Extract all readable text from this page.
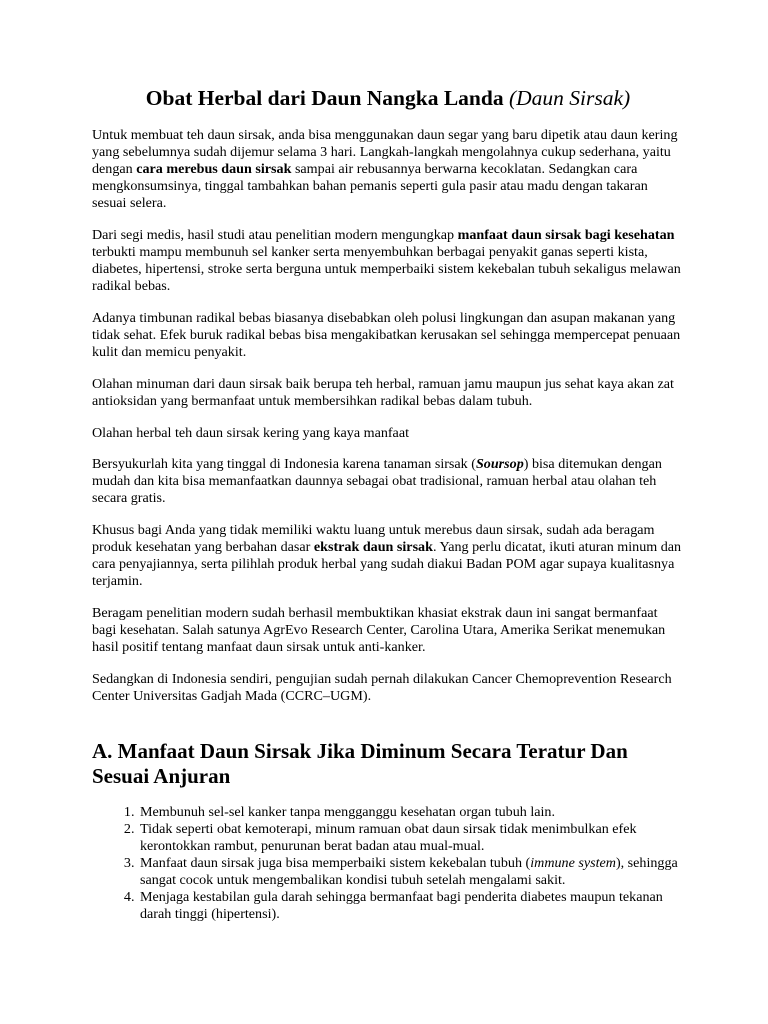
Obat Herbal dari Daun Nangka Landa (Daun Sirsak)

Untuk membuat teh daun sirsak, anda bisa menggunakan daun segar yang baru dipetik atau daun kering yang sebelumnya sudah dijemur selama 3 hari. Langkah-langkah mengolahnya cukup sederhana, yaitu dengan cara merebus daun sirsak sampai air rebusannya berwarna kecoklatan. Sedangkan cara mengkonsumsinya, tinggal tambahkan bahan pemanis seperti gula pasir atau madu dengan takaran sesuai selera.

Dari segi medis, hasil studi atau penelitian modern mengungkap manfaat daun sirsak bagi kesehatan terbukti mampu membunuh sel kanker serta menyembuhkan berbagai penyakit ganas seperti kista, diabetes, hipertensi, stroke serta berguna untuk memperbaiki sistem kekebalan tubuh sekaligus melawan radikal bebas.

Adanya timbunan radikal bebas biasanya disebabkan oleh polusi lingkungan dan asupan makanan yang tidak sehat. Efek buruk radikal bebas bisa mengakibatkan kerusakan sel sehingga mempercepat penuaan kulit dan memicu penyakit.

Olahan minuman dari daun sirsak baik berupa teh herbal, ramuan jamu maupun jus sehat kaya akan zat antioksidan yang bermanfaat untuk membersihkan radikal bebas dalam tubuh.

Olahan herbal teh daun sirsak kering yang kaya manfaat

Bersyukurlah kita yang tinggal di Indonesia karena tanaman sirsak (Soursop) bisa ditemukan dengan mudah dan kita bisa memanfaatkan daunnya sebagai obat tradisional, ramuan herbal atau olahan teh secara gratis.

Khusus bagi Anda yang tidak memiliki waktu luang untuk merebus daun sirsak, sudah ada beragam produk kesehatan yang berbahan dasar ekstrak daun sirsak. Yang perlu dicatat, ikuti aturan minum dan cara penyajiannya, serta pilihlah produk herbal yang sudah diakui Badan POM agar supaya kualitasnya terjamin.

Beragam penelitian modern sudah berhasil membuktikan khasiat ekstrak daun ini sangat bermanfaat bagi kesehatan. Salah satunya AgrEvo Research Center, Carolina Utara, Amerika Serikat menemukan hasil positif tentang manfaat daun sirsak untuk anti-kanker.

Sedangkan di Indonesia sendiri, pengujian sudah pernah dilakukan Cancer Chemoprevention Research Center Universitas Gadjah Mada (CCRC–UGM).

A. Manfaat Daun Sirsak Jika Diminum Secara Teratur Dan Sesuai Anjuran
1. Membunuh sel-sel kanker tanpa mengganggu kesehatan organ tubuh lain.
2. Tidak seperti obat kemoterapi, minum ramuan obat daun sirsak tidak menimbulkan efek kerontokkan rambut, penurunan berat badan atau mual-mual.
3. Manfaat daun sirsak juga bisa memperbaiki sistem kekebalan tubuh (immune system), sehingga sangat cocok untuk mengembalikan kondisi tubuh setelah mengalami sakit.
4. Menjaga kestabilan gula darah sehingga bermanfaat bagi penderita diabetes maupun tekanan darah tinggi (hipertensi).
